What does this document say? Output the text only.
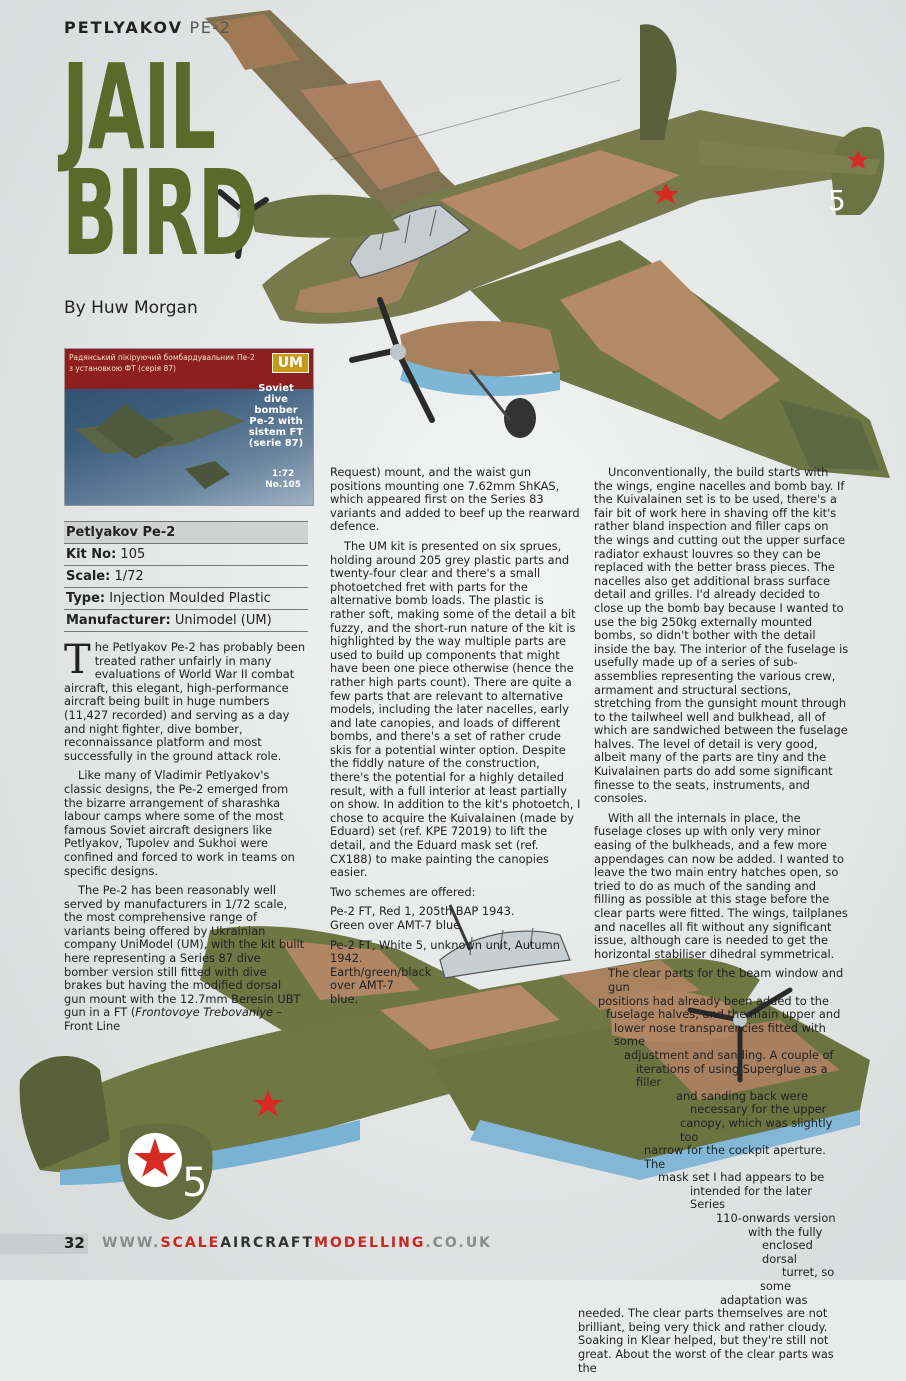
5
5
PETLYAKOV PE-2
JAIL
BIRD
By Huw Morgan
Радянський пікіруючий бомбардувальник Пе-2
з установкою ФТ (серія 87)	UM
Soviet dive bomber Pe-2 with sistem FT (serie 87)
1:72
No.105
Petlyakov Pe-2
Kit No: 105
Scale: 1/72
Type: Injection Moulded Plastic
Manufacturer: Unimodel (UM)

The Petlyakov Pe-2 has probably been treated rather unfairly in many evaluations of World War II combat aircraft, this elegant, high-performance aircraft being built in huge numbers (11,427 recorded) and serving as a day and night fighter, dive bomber, reconnaissance platform and most successfully in the ground attack role.

Like many of Vladimir Petlyakov's classic designs, the Pe-2 emerged from the bizarre arrangement of sharashka labour camps where some of the most famous Soviet aircraft designers like Petlyakov, Tupolev and Sukhoi were confined and forced to work in teams on specific designs.

The Pe-2 has been reasonably well served by manufacturers in 1/72 scale, the most comprehensive range of variants being offered by Ukrainian company UniModel (UM), with the kit built here representing a Series 87 dive bomber version still fitted with dive brakes but having the modified dorsal gun mount with the 12.7mm Beresin UBT gun in a FT (Frontovoye Trebovaniye – Front Line

Request) mount, and the waist gun positions mounting one 7.62mm ShKAS, which appeared first on the Series 83 variants and added to beef up the rearward defence.

The UM kit is presented on six sprues, holding around 205 grey plastic parts and twenty-four clear and there's a small photoetched fret with parts for the alternative bomb loads. The plastic is rather soft, making some of the detail a bit fuzzy, and the short-run nature of the kit is highlighted by the way multiple parts are used to build up components that might have been one piece otherwise (hence the rather high parts count). There are quite a few parts that are relevant to alternative models, including the later nacelles, early and late canopies, and loads of different bombs, and there's a set of rather crude skis for a potential winter option. Despite the fiddly nature of the construction, there's the potential for a highly detailed result, with a full interior at least partially on show. In addition to the kit's photoetch, I chose to acquire the Kuivalainen (made by Eduard) set (ref. KPE 72019) to lift the detail, and the Eduard mask set (ref. CX188) to make painting the canopies easier.

Two schemes are offered:

Pe-2 FT, Red 1, 205th BAP 1943.
Green over AMT-7 blue

Pe-2 FT, White 5, unknown unit, Autumn 1942.
Earth/green/black
over AMT-7
blue.

Unconventionally, the build starts with the wings, engine nacelles and bomb bay. If the Kuivalainen set is to be used, there's a fair bit of work here in shaving off the kit's rather bland inspection and filler caps on the wings and cutting out the upper surface radiator exhaust louvres so they can be replaced with the better brass pieces. The nacelles also get additional brass surface detail and grilles. I'd already decided to close up the bomb bay because I wanted to use the big 250kg externally mounted bombs, so didn't bother with the detail inside the bay. The interior of the fuselage is usefully made up of a series of sub-assemblies representing the various crew, armament and structural sections, stretching from the gunsight mount through to the tailwheel well and bulkhead, all of which are sandwiched between the fuselage halves. The level of detail is very good, albeit many of the parts are tiny and the Kuivalainen parts do add some significant finesse to the seats, instruments, and consoles.

With all the internals in place, the fuselage closes up with only very minor easing of the bulkheads, and a few more appendages can now be added. I wanted to leave the two main entry hatches open, so tried to do as much of the sanding and filling as possible at this stage before the clear parts were fitted. The wings, tailplanes and nacelles all fit without any significant issue, although care is needed to get the horizontal stabiliser dihedral symmetrical.

The clear parts for the beam window and gun
positions had already been added to the
fuselage halves, and the main upper and
lower nose transparencies fitted with some
adjustment and sanding. A couple of
iterations of using Superglue as a filler
and sanding back were
necessary for the upper
canopy, which was slightly too
narrow for the cockpit aperture. The
mask set I had appears to be
intended for the later Series
110-onwards version
with the fully
enclosed dorsal
turret, so
some
adaptation was

needed. The clear parts themselves are not brilliant, being very thick and rather cloudy. Soaking in Klear helped, but they're still not great. About the worst of the clear parts was the

32 WWW.SCALEAIRCRAFTMODELLING.CO.UK
